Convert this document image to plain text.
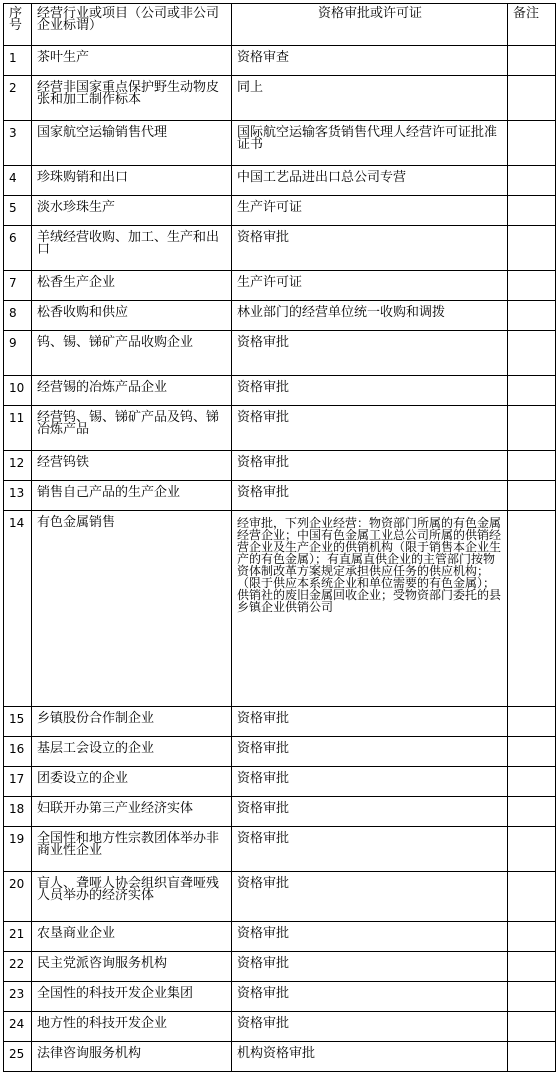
序号	经营行业或项目（公司或非公司企业标谓）	资格审批或许可证	备注
1	茶叶生产	资格审查	
2	经营非国家重点保护野生动物皮张和加工制作标本	同上	
3	国家航空运输销售代理	国际航空运输客货销售代理人经营许可证批准证书	
4	珍珠购销和出口	中国工艺品进出口总公司专营	
5	淡水珍珠生产	生产许可证	
6	羊绒经营收购、加工、生产和出口	资格审批	
7	松香生产企业	生产许可证	
8	松香收购和供应	林业部门的经营单位统一收购和调拨	
9	钨、锡、锑矿产品收购企业	资格审批	
10	经营锡的冶炼产品企业	资格审批	
11	经营钨、锡、锑矿产品及钨、锑冶炼产品	资格审批	
12	经营钨铁	资格审批	
13	销售自己产品的生产企业	资格审批	
14	有色金属销售	经审批，下列企业经营：物资部门所属的有色金属经营企业；中国有色金属工业总公司所属的供销经营企业及生产企业的供销机构（限于销售本企业生产的有色金属）；有直属直供企业的主管部门按物资体制改革方案规定承担供应任务的供应机构；（限于供应本系统企业和单位需要的有色金属）；供销社的废旧金属回收企业；受物资部门委托的县乡镇企业供销公司	
15	乡镇股份合作制企业	资格审批	
16	基层工会设立的企业	资格审批	
17	团委设立的企业	资格审批	
18	妇联开办第三产业经济实体	资格审批	
19	全国性和地方性宗教团体举办非商业性企业	资格审批	
20	盲人、聋哑人协会组织盲聋哑残人员举办的经济实体	资格审批	
21	农垦商业企业	资格审批	
22	民主党派咨询服务机构	资格审批	
23	全国性的科技开发企业集团	资格审批	
24	地方性的科技开发企业	资格审批	
25	法律咨询服务机构	机构资格审批	
